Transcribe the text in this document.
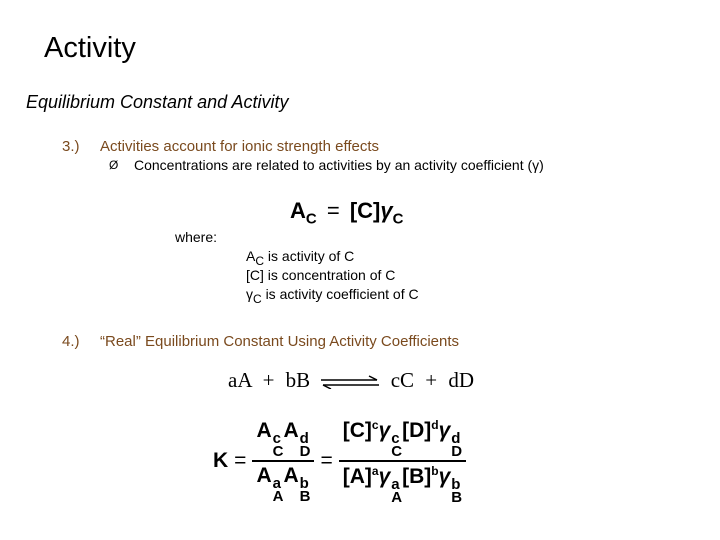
Activity
Equilibrium Constant and Activity
3.) Activities account for ionic strength effects
Ø Concentrations are related to activities by an activity coefficient (γ)
$A_C = [C]\gamma_C$
where:
$A_C$ is activity of C
[C] is concentration of C
$\gamma_C$ is activity coefficient of C
4.) “Real” Equilibrium Constant Using Activity Coefficients
aA + bB ⇌ cC + dD
K = A c
C
A d
D
A a
A
A b
$B = [C]^c\gamma$ c
C
$[D]^d\gamma$ d
D
$[A]^a\gamma$ a
A
$[B]^b\gamma$ b
B
